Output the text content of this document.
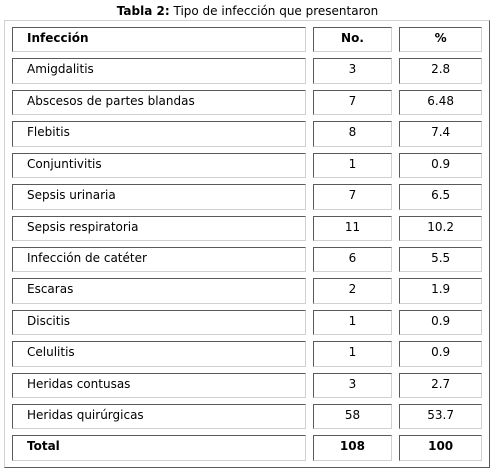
Tabla 2: Tipo de infección que presentaron
Infección	No.	%
Amigdalitis	3	2.8
Abscesos de partes blandas	7	6.48
Flebitis	8	7.4
Conjuntivitis	1	0.9
Sepsis urinaria	7	6.5
Sepsis respiratoria	11	10.2
Infección de catéter	6	5.5
Escaras	2	1.9
Discitis	1	0.9
Celulitis	1	0.9
Heridas contusas	3	2.7
Heridas quirúrgicas	58	53.7
Total	108	100
